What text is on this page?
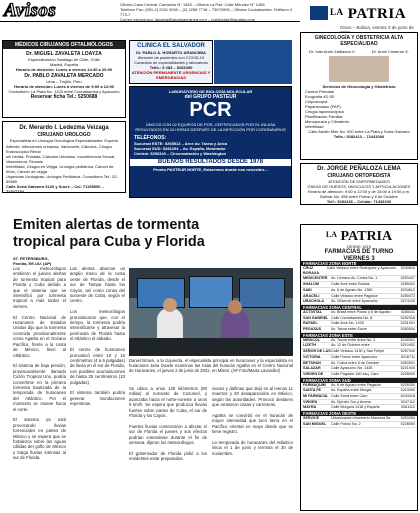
Avisos	Oficina Casa Central: Camacho N° 1463 – Oficina La Paz: Calle Méndez N° 1455
Teléfono Fax: (591-2) 2201 5000 – (2) 2258 7718 – 73070993 – Oficina Cochabamba: Teléfono 4 773-7
Correo electrónico: lapatria@lapatriaenlinea.com – publicidad@lapatria.com
$^{LA}$ PATRIA
Oruro – Bolivia, viernes 3 de junio de
MÉDICOS CIRUJANOS OFTALMÓLOGOS
Dr. MIGUEL ZAVALETA LOAYZA
Especialización Santiago de Chile, Chile
Madrid, España
Horario de atención: Lunes a viernes 14:30 a 20:00
Dr. PABLO ZAVALETA MERCADO
Lima – Trujillo, Perú
Horario de atención: Lunes a viernes de 9:00 a 12:00
Consultorio: La Plata No. 1220 entre Cochabamba y Ayacucho
Reservar ficha Tel.: 5250688
Dr. Merardo I. Ledezma Veizaga
CIRUJANO UROLOGO
Especialista en Urología Oncológica Especialidades: Experto
Atiende: Infecciones urinarias, Varicocele, Cálculos, Cirugía Endoscópica Renal
sin herida, Próstata, Cálculos Urinarios, Incontinencia Sexual, Vasectomía, Fimosis
Infertilidad, Cirugía en Vejiga, Urología pediátrica, Cáncer de riñón, Cáncer de vejiga
Urgencias Urológicas, Urología Pediátrica. Consultorio Tel.: 52-59580
Calle Soria Galvarro 6126 y Sucre – Cel: 71199000 – 72347730
CLINICA EL SALVADOR
Dr. PABLO A. HORARTO ARANCIBIA
Atención de pacientes con COVID-19
Consultas de especialidades y laboratorio
Telfs.: 5 283 – 5281990
ATENCIÓN PERMANENTE URGENCIAS Y EMERGENCIAS
LABORATORIO DE BIOLOGÍA MOLECULAR
del GRUPO PASTEUR
PCR
ÚNICOS CON 02 EQUIPOS DE PCR, CERTIFICADOS POR EL INLASA
RESULTADOS EN 24 HORAS DESPUÉS DE LA INFECCIÓN POR CORONAVIRUS
TELÉFONOS:
Sucursal ESTE: 5265513 – Arce Av. Tacna y Arica
Sucursal SUD: 5281294 – Av. España, Mostrador
Central: 5250340 – Circunvalación y Washington
BUENOS RESULTADOS DESDE 1978
Pronto PASTEUR NORTE, Estaremos donde nos necesites...
GINECOLOGÍA Y OBSTETRICIA ALTA ESPECIALIDAD
Dr. Iván Arnin Zalbadno V.	Dr. Arnin Cisneros S.
Servicios de Ginecología y Obstetricia
Control Prenatal
Ecografía 4D 5D
Colposcopía
Papanicolaou (PAP)
Cirugía laparoscópica
Planificación Familiar
Menopausia y Climaterio
Infertilidad
Calle Adolfo Mier No. 520 entre La Plata y Soria Galvarro
Telfs.: 5282413 – 72441006
Dr. JORGE PEÑALOZA LEMA
CIRUJANO ORTOPEDISTA
ATENCIÓN DE ENFERMEDADES
ÓSEAS DE HUESOS, MÚSCULOS Y ARTICULACIONES
Horario de atención: 9:00 a 12:00 y de 15:00 a 19:00 p.m.
Bolívar No. 456 entre Potosí y 6 de Octubre
Telf.: 5284136 – Celular: 71433200
Emiten alertas de tormenta
tropical para Cuba y Florida
ST. PETERSBURG, Florida, EE.UU. (AP)
Los meteorólogos emitieron el jueves alertas de tormenta tropical para Florida y Cuba debido a que el sistema que se intensificó por tormenta tropical a más tardar el viernes.

El Centro Nacional de Huracanes de Estados Unidos dijo que la tormenta conocida provisionalmente como Agatha en el Océano Pacífico, frente a la costa de México, llevó al Atlántico.

El sistema de baja presión, provisionalmente llamado Ciclón Tropical Uno, podría convertirse en la primera tormenta bautizada de la temporada de huracanes del Atlántico. Por el momento se mueve hacia el norte.

El sistema ya está provocando lluvias torrenciales en partes de México y se espera que se fortalezca sobre las aguas cálidas del golfo de México y traiga lluvias intensas al sur de Florida.
Las alertas abarcan un amplio tramo de la costa oeste de Florida, desde el sur de Tampa hasta los Cayos, así como zonas del suroeste de Cuba, según el centro.

Los meteorólogos pronosticaron que, con el tiempo, la tormenta podría intensificarse y atravesar la península de Florida hasta el Atlántico el sábado.

El centro de huracanes pronosticó entre 10 y 15 centímetros (4 a 6 pulgadas) de lluvia en el sur de Florida, con posibles acumulaciones de hasta 25 centímetros (10 pulgadas).

El sistema también podría generar inundaciones repentinas.
Daniel Brown, a la izquierda, el especialista principal en huracanes y la especialista en huracanes Jana Duarte examinan las rutas del huracán Agatha en el Centro Nacional de Huracanes, el jueves 2 de junio de 2022, en Miami. (AP Foto/Marta Lavandier)
Se ubica a unos 125 kilómetros (80 millas) al noroeste de Cozumel, y avanzaba hacia el norte-noreste a unos 9 km/h. Se espera que produzca lluvias fuertes sobre partes de Cuba, el sur de Florida y los Cayos.

Fuertes lluvias comenzaron a afectar el sur de Florida el jueves y sus efectos podrían extenderse durante el fin de semana, dijeron los meteorólogos.

El gobernador de Florida pidió a los residentes estar preparados.
ciones y dañinas que dejó en al menos 11 muertos y 20 desaparecidos en México, según las autoridades. Provocó deslaves que arrasaron casas y carreteras.

Agatha se convirtió en el huracán de mayor intensidad que tocó tierra en el Pacífico oriental en mayo desde que se tiene registro.

La temporada de huracanes del Atlántico inicia el 1 de junio y termina el 30 de noviembre.
$^{LA}$ PATRIA
DESDE 1919
FARMACIAS DE TURNO
VIERNES 3
FARMACIAS ZONA NORTE
CRUZ BORAXA
Calle Velasco entre Rodríguez y Ayacucho	5240816
MEDICENTER Av. Cerrano Av. Cívica No. 1	5253447
SHALOM	Calle Arce entre Bolívar	5255302
SAID	Av. 6 de Agosto No. 1380	5234612
ARACELI	Calle Velasco entre Pagador	5250072
URACHOLA	Av. Villarroel entre Ayacucho	5274120
FARMACIAS ZONA CENTRAL
ACTIVITAL	Av. Brasil entre Potosí y 6 de Agosto	5285411
SAN GABRIEL Calle Cochabamba No. 8	5252318
RAFAEL	Calle Arce No. 1425	5231001
PEGASUS	Av. Tacna entre Sucre	5283004
FARMACIAS ZONA ESTE
MEDICOL	Av. Tacna entre Arica No. 2	5240301
LIZETH	Av. 12 de Octubre entre	5210402
SEÑOR DE LAS Calle Velasco 1430 y San Felipe	5257040
VICTORIA	Calle Potosí entre Ayacucho	5216711
BETSHAN	Av. Cívica entre 6 de Octubre	5263001
SALAZAR	Calle Ayacucho No. 1435	5221930
VIRGEN DE	Calle Pagador 160 esq. Caro	5228000
FARMACIAS ZONA SUD
FARMAQUIM	Av. 6 de Agosto entre Pagador	5239300
SANTA FE	Av. España entre Murgía	5213090
MI FARMACIA Calle Soria entre Caro	5243018
VIRGEN	Av. Ejército Sur y Aroma	5247112
MAYRA	Calle Murguía 1418 y España	5261112
FARMACIAS ZONA OESTE
SERVICE	Urbanización Humberto Mancera 5a	5253354
SAN MIGUEL	Calle Potosí No. 2	5228500
